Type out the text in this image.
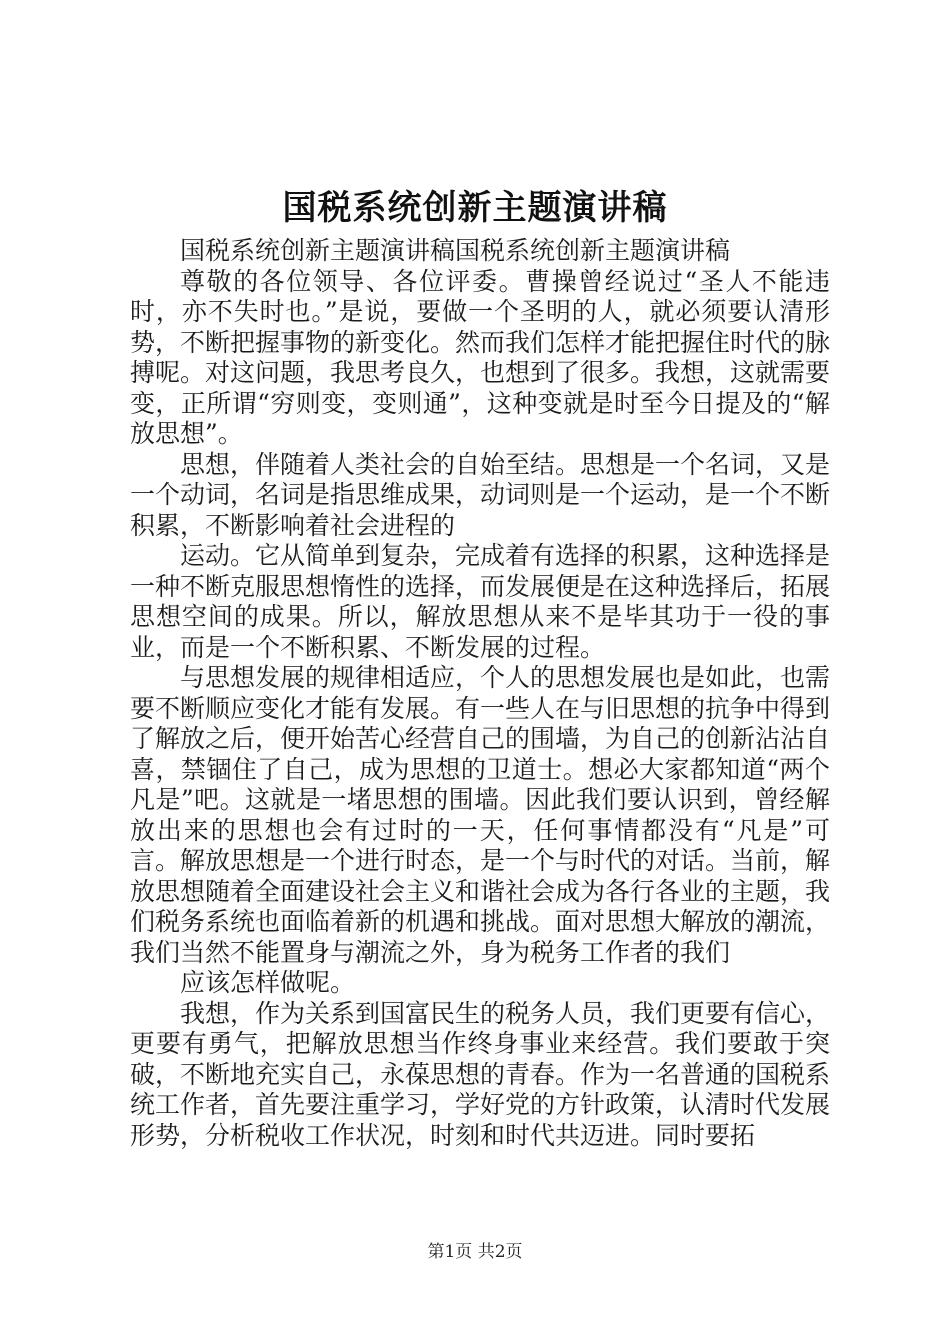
国税系统创新主题演讲稿

国税系统创新主题演讲稿国税系统创新主题演讲稿

尊敬的各位领导、各位评委。曹操曾经说过“圣人不能违时，亦不失时也。”是说，要做一个圣明的人，就必须要认清形势，不断把握事物的新变化。然而我们怎样才能把握住时代的脉搏呢。对这问题，我思考良久，也想到了很多。我想，这就需要变，正所谓“穷则变，变则通”，这种变就是时至今日提及的“解放思想”。

思想，伴随着人类社会的自始至结。思想是一个名词，又是一个动词，名词是指思维成果，动词则是一个运动，是一个不断积累，不断影响着社会进程的

运动。它从简单到复杂，完成着有选择的积累，这种选择是一种不断克服思想惰性的选择，而发展便是在这种选择后，拓展思想空间的成果。所以，解放思想从来不是毕其功于一役的事业，而是一个不断积累、不断发展的过程。

与思想发展的规律相适应，个人的思想发展也是如此，也需要不断顺应变化才能有发展。有一些人在与旧思想的抗争中得到了解放之后，便开始苦心经营自己的围墙，为自己的创新沾沾自喜，禁锢住了自己，成为思想的卫道士。想必大家都知道“两个凡是”吧。这就是一堵思想的围墙。因此我们要认识到，曾经解放出来的思想也会有过时的一天，任何事情都没有“凡是”可言。解放思想是一个进行时态，是一个与时代的对话。当前，解放思想随着全面建设社会主义和谐社会成为各行各业的主题，我们税务系统也面临着新的机遇和挑战。面对思想大解放的潮流，我们当然不能置身与潮流之外，身为税务工作者的我们

应该怎样做呢。

我想，作为关系到国富民生的税务人员，我们更要有信心，更要有勇气，把解放思想当作终身事业来经营。我们要敢于突破，不断地充实自己，永葆思想的青春。作为一名普通的国税系统工作者，首先要注重学习，学好党的方针政策，认清时代发展形势，分析税收工作状况，时刻和时代共迈进。同时要拓

第1页 共2页
